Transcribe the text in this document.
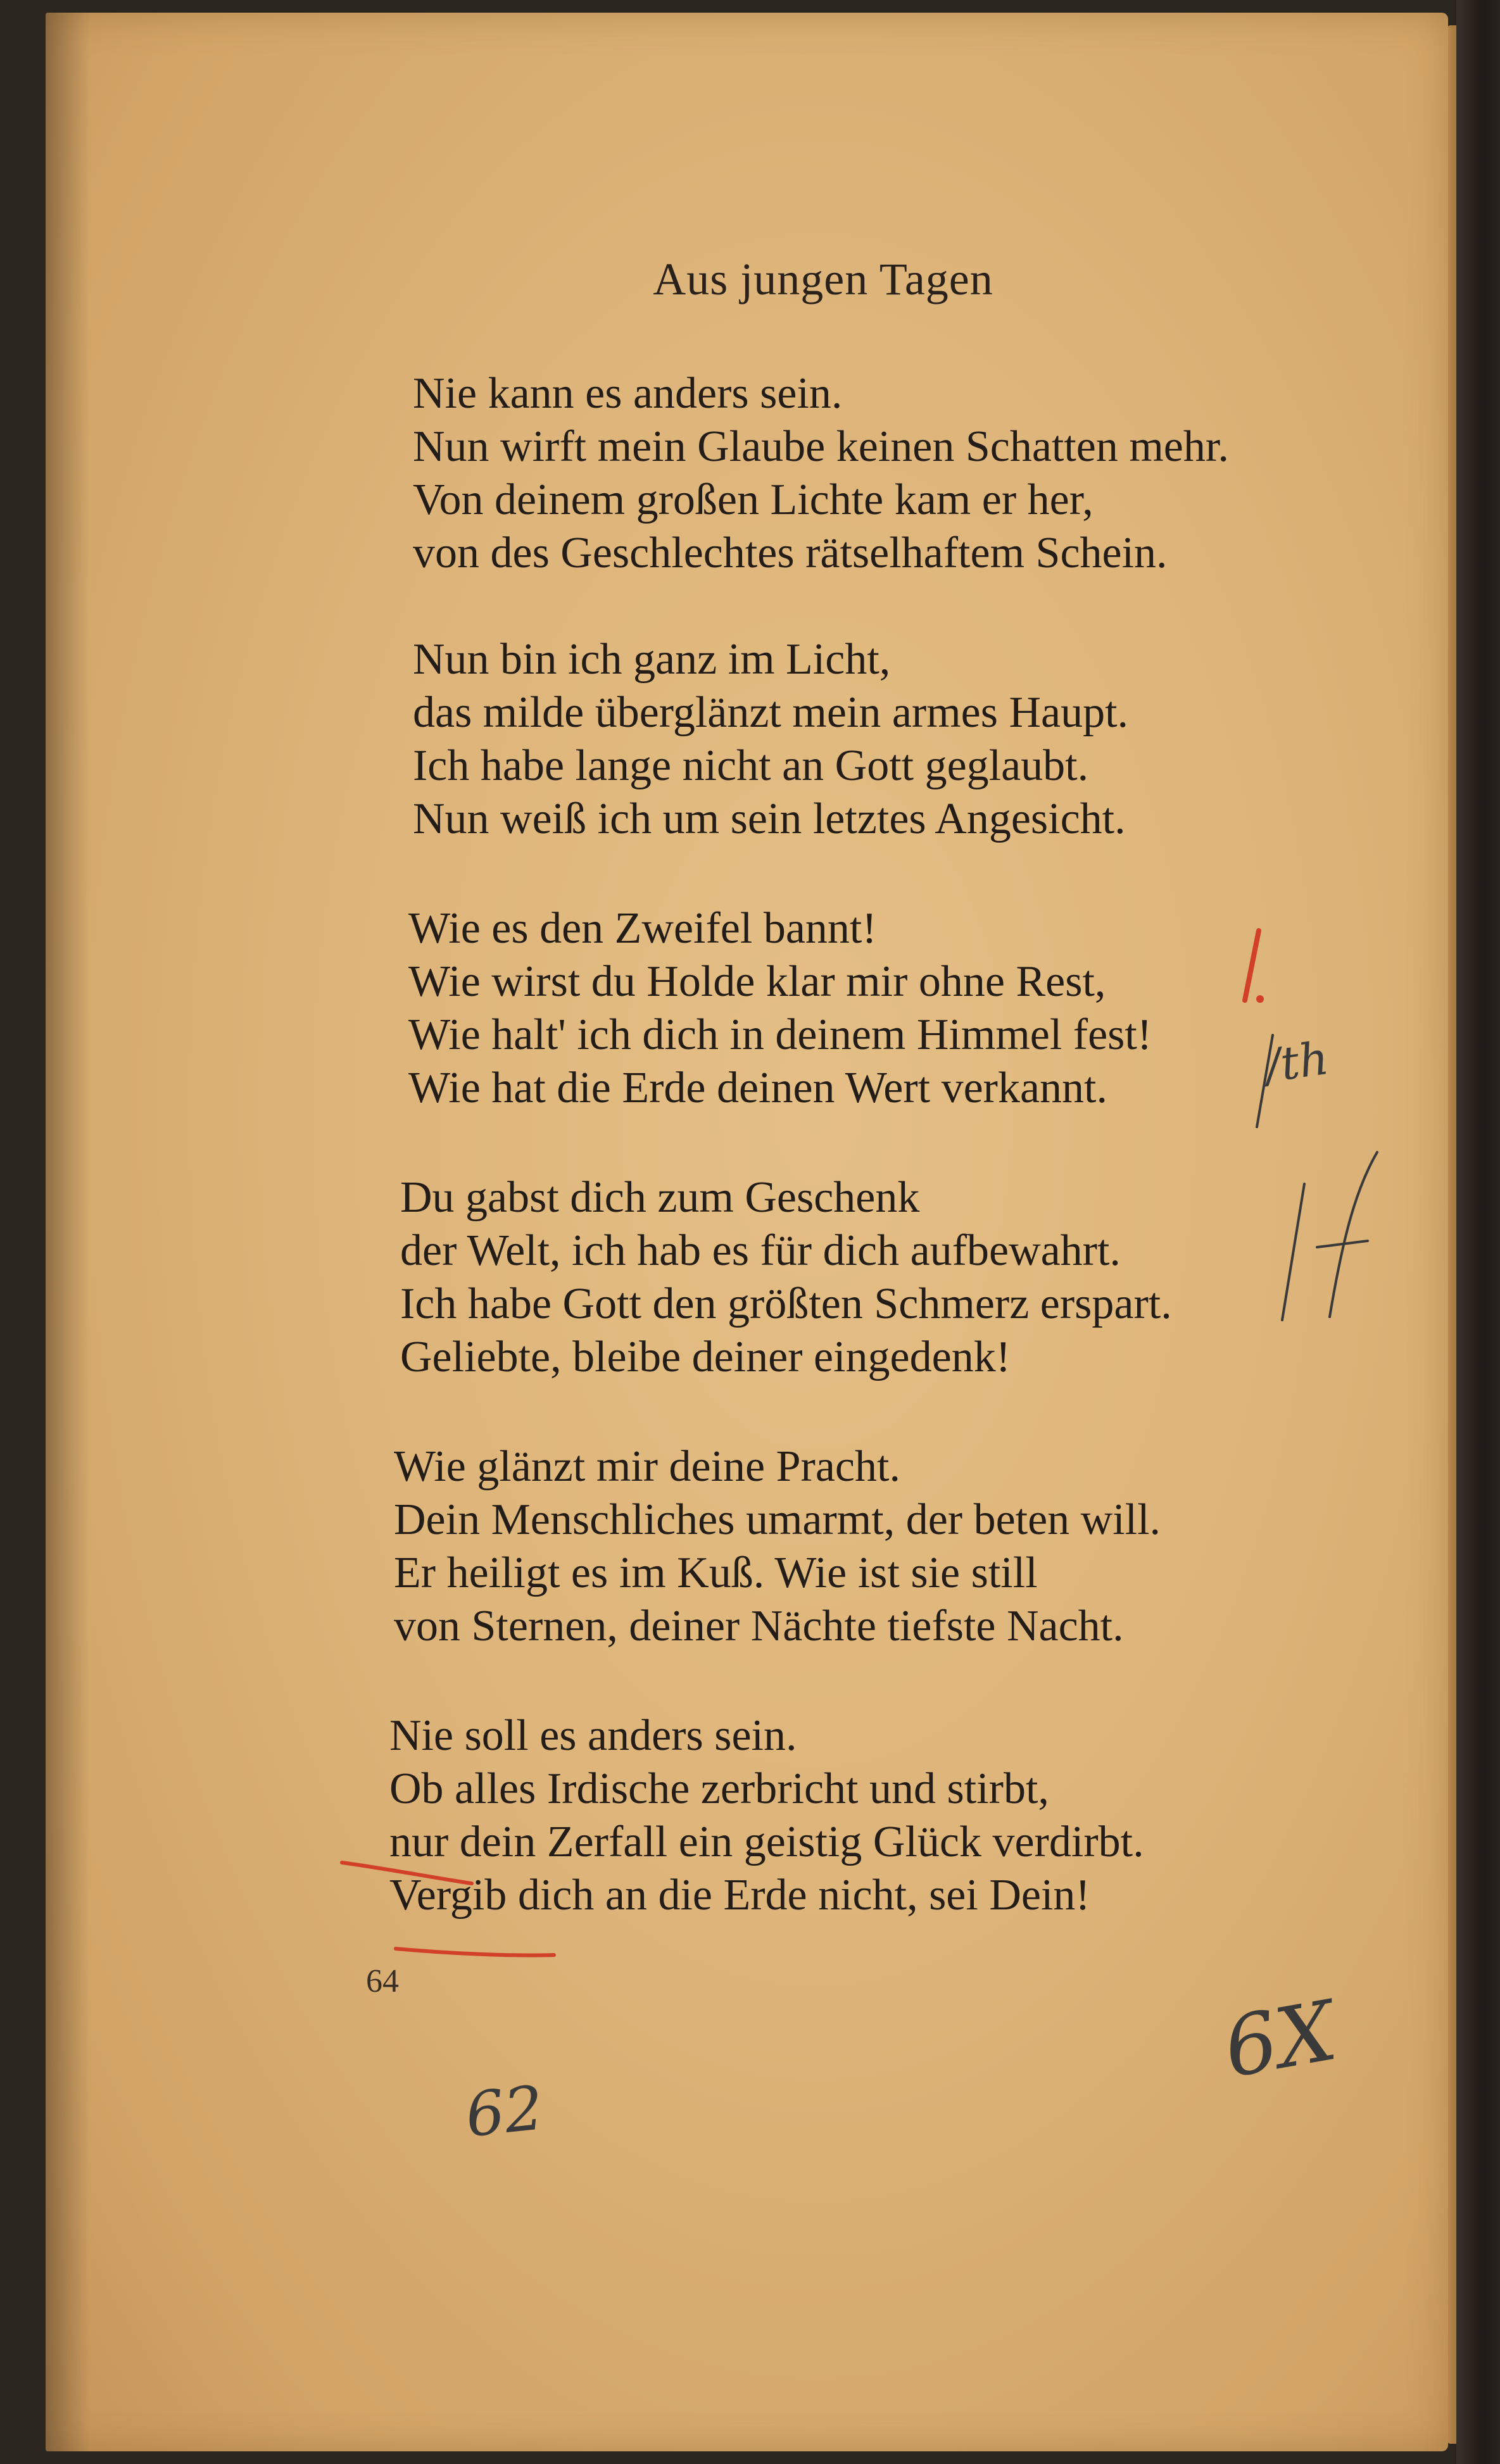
Aus jungen Tagen
Nie kann es anders sein.
Nun wirft mein Glaube keinen Schatten mehr.
Von deinem großen Lichte kam er her,
von des Geschlechtes rätselhaftem Schein.
Nun bin ich ganz im Licht,
das milde überglänzt mein armes Haupt.
Ich habe lange nicht an Gott geglaubt.
Nun weiß ich um sein letztes Angesicht.
Wie es den Zweifel bannt!
Wie wirst du Holde klar mir ohne Rest,
Wie halt' ich dich in deinem Himmel fest!
Wie hat die Erde deinen Wert verkannt.
Du gabst dich zum Geschenk
der Welt, ich hab es für dich aufbewahrt.
Ich habe Gott den größten Schmerz erspart.
Geliebte, bleibe deiner eingedenk!
Wie glänzt mir deine Pracht.
Dein Menschliches umarmt, der beten will.
Er heiligt es im Kuß. Wie ist sie still
von Sternen, deiner Nächte tiefste Nacht.
Nie soll es anders sein.
Ob alles Irdische zerbricht und stirbt,
nur dein Zerfall ein geistig Glück verdirbt.
Vergib dich an die Erde nicht, sei Dein!
64
1.
/th
If
62
6X
